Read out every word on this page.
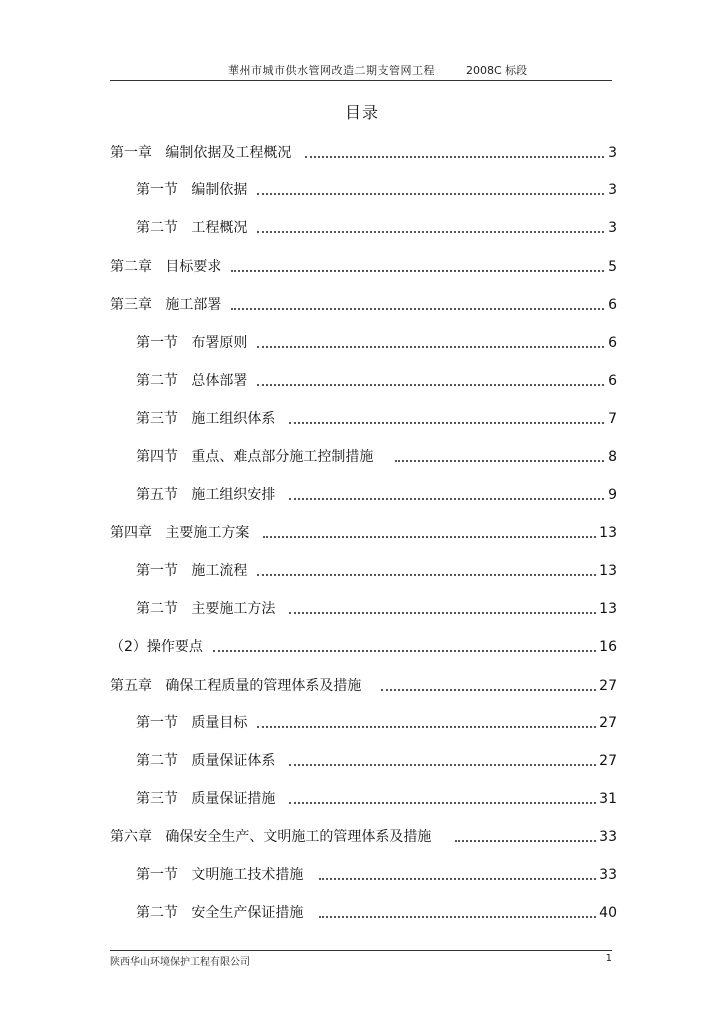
華州市城市供水管网改造二期支管网工程	2008C 标段
目录
第一章   编制依据及工程概况	3
第一节   编制依据	3
第二节   工程概况	3
第二章   目标要求	5
第三章   施工部署	6
第一节   布署原则	6
第二节   总体部署	6
第三节   施工组织体系	7
第四节   重点、难点部分施工控制措施	8
第五节   施工组织安排	9
第四章   主要施工方案	13
第一节   施工流程	13
第二节   主要施工方法	13
（2）操作要点	16
第五章   确保工程质量的管理体系及措施	27
第一节   质量目标	27
第二节   质量保证体系	27
第三节   质量保证措施	31
第六章   确保安全生产、文明施工的管理体系及措施	33
第一节   文明施工技术措施	33
第二节   安全生产保证措施	40
陕西华山环境保护工程有限公司	1
